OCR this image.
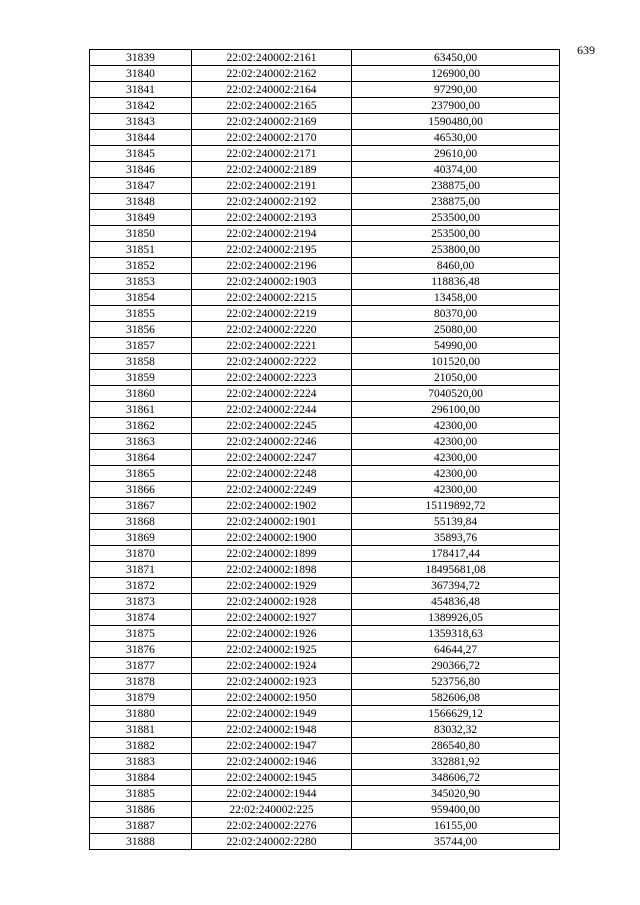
639
31839	22:02:240002:2161	63450,00
31840	22:02:240002:2162	126900,00
31841	22:02:240002:2164	97290,00
31842	22:02:240002:2165	237900,00
31843	22:02:240002:2169	1590480,00
31844	22:02:240002:2170	46530,00
31845	22:02:240002:2171	29610,00
31846	22:02:240002:2189	40374,00
31847	22:02:240002:2191	238875,00
31848	22:02:240002:2192	238875,00
31849	22:02:240002:2193	253500,00
31850	22:02:240002:2194	253500,00
31851	22:02:240002:2195	253800,00
31852	22:02:240002:2196	8460,00
31853	22:02:240002:1903	118836,48
31854	22:02:240002:2215	13458,00
31855	22:02:240002:2219	80370,00
31856	22:02:240002:2220	25080,00
31857	22:02:240002:2221	54990,00
31858	22:02:240002:2222	101520,00
31859	22:02:240002:2223	21050,00
31860	22:02:240002:2224	7040520,00
31861	22:02:240002:2244	296100,00
31862	22:02:240002:2245	42300,00
31863	22:02:240002:2246	42300,00
31864	22:02:240002:2247	42300,00
31865	22:02:240002:2248	42300,00
31866	22:02:240002:2249	42300,00
31867	22:02:240002:1902	15119892,72
31868	22:02:240002:1901	55139,84
31869	22:02:240002:1900	35893,76
31870	22:02:240002:1899	178417,44
31871	22:02:240002:1898	18495681,08
31872	22:02:240002:1929	367394,72
31873	22:02:240002:1928	454836,48
31874	22:02:240002:1927	1389926,05
31875	22:02:240002:1926	1359318,63
31876	22:02:240002:1925	64644,27
31877	22:02:240002:1924	290366,72
31878	22:02:240002:1923	523756,80
31879	22:02:240002:1950	582606,08
31880	22:02:240002:1949	1566629,12
31881	22:02:240002:1948	83032,32
31882	22:02:240002:1947	286540,80
31883	22:02:240002:1946	332881,92
31884	22:02:240002:1945	348606,72
31885	22:02:240002:1944	345020,90
31886	22:02:240002:225	959400,00
31887	22:02:240002:2276	16155,00
31888	22:02:240002:2280	35744,00
